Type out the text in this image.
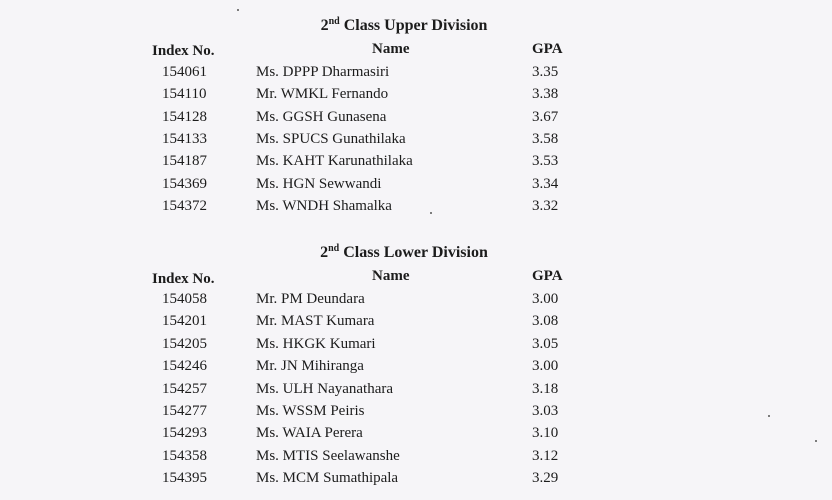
2nd Class Upper Division
Index No.	Name	GPA
154061	Ms. DPPP Dharmasiri	3.35
154110	Mr. WMKL Fernando	3.38
154128	Ms. GGSH Gunasena	3.67
154133	Ms. SPUCS Gunathilaka	3.58
154187	Ms. KAHT Karunathilaka	3.53
154369	Ms. HGN Sewwandi	3.34
154372	Ms. WNDH Shamalka	3.32
2nd Class Lower Division
Index No.	Name	GPA
154058	Mr. PM Deundara	3.00
154201	Mr. MAST Kumara	3.08
154205	Ms. HKGK Kumari	3.05
154246	Mr. JN Mihiranga	3.00
154257	Ms. ULH Nayanathara	3.18
154277	Ms. WSSM Peiris	3.03
154293	Ms. WAIA Perera	3.10
154358	Ms. MTIS Seelawanshe	3.12
154395	Ms. MCM Sumathipala	3.29
